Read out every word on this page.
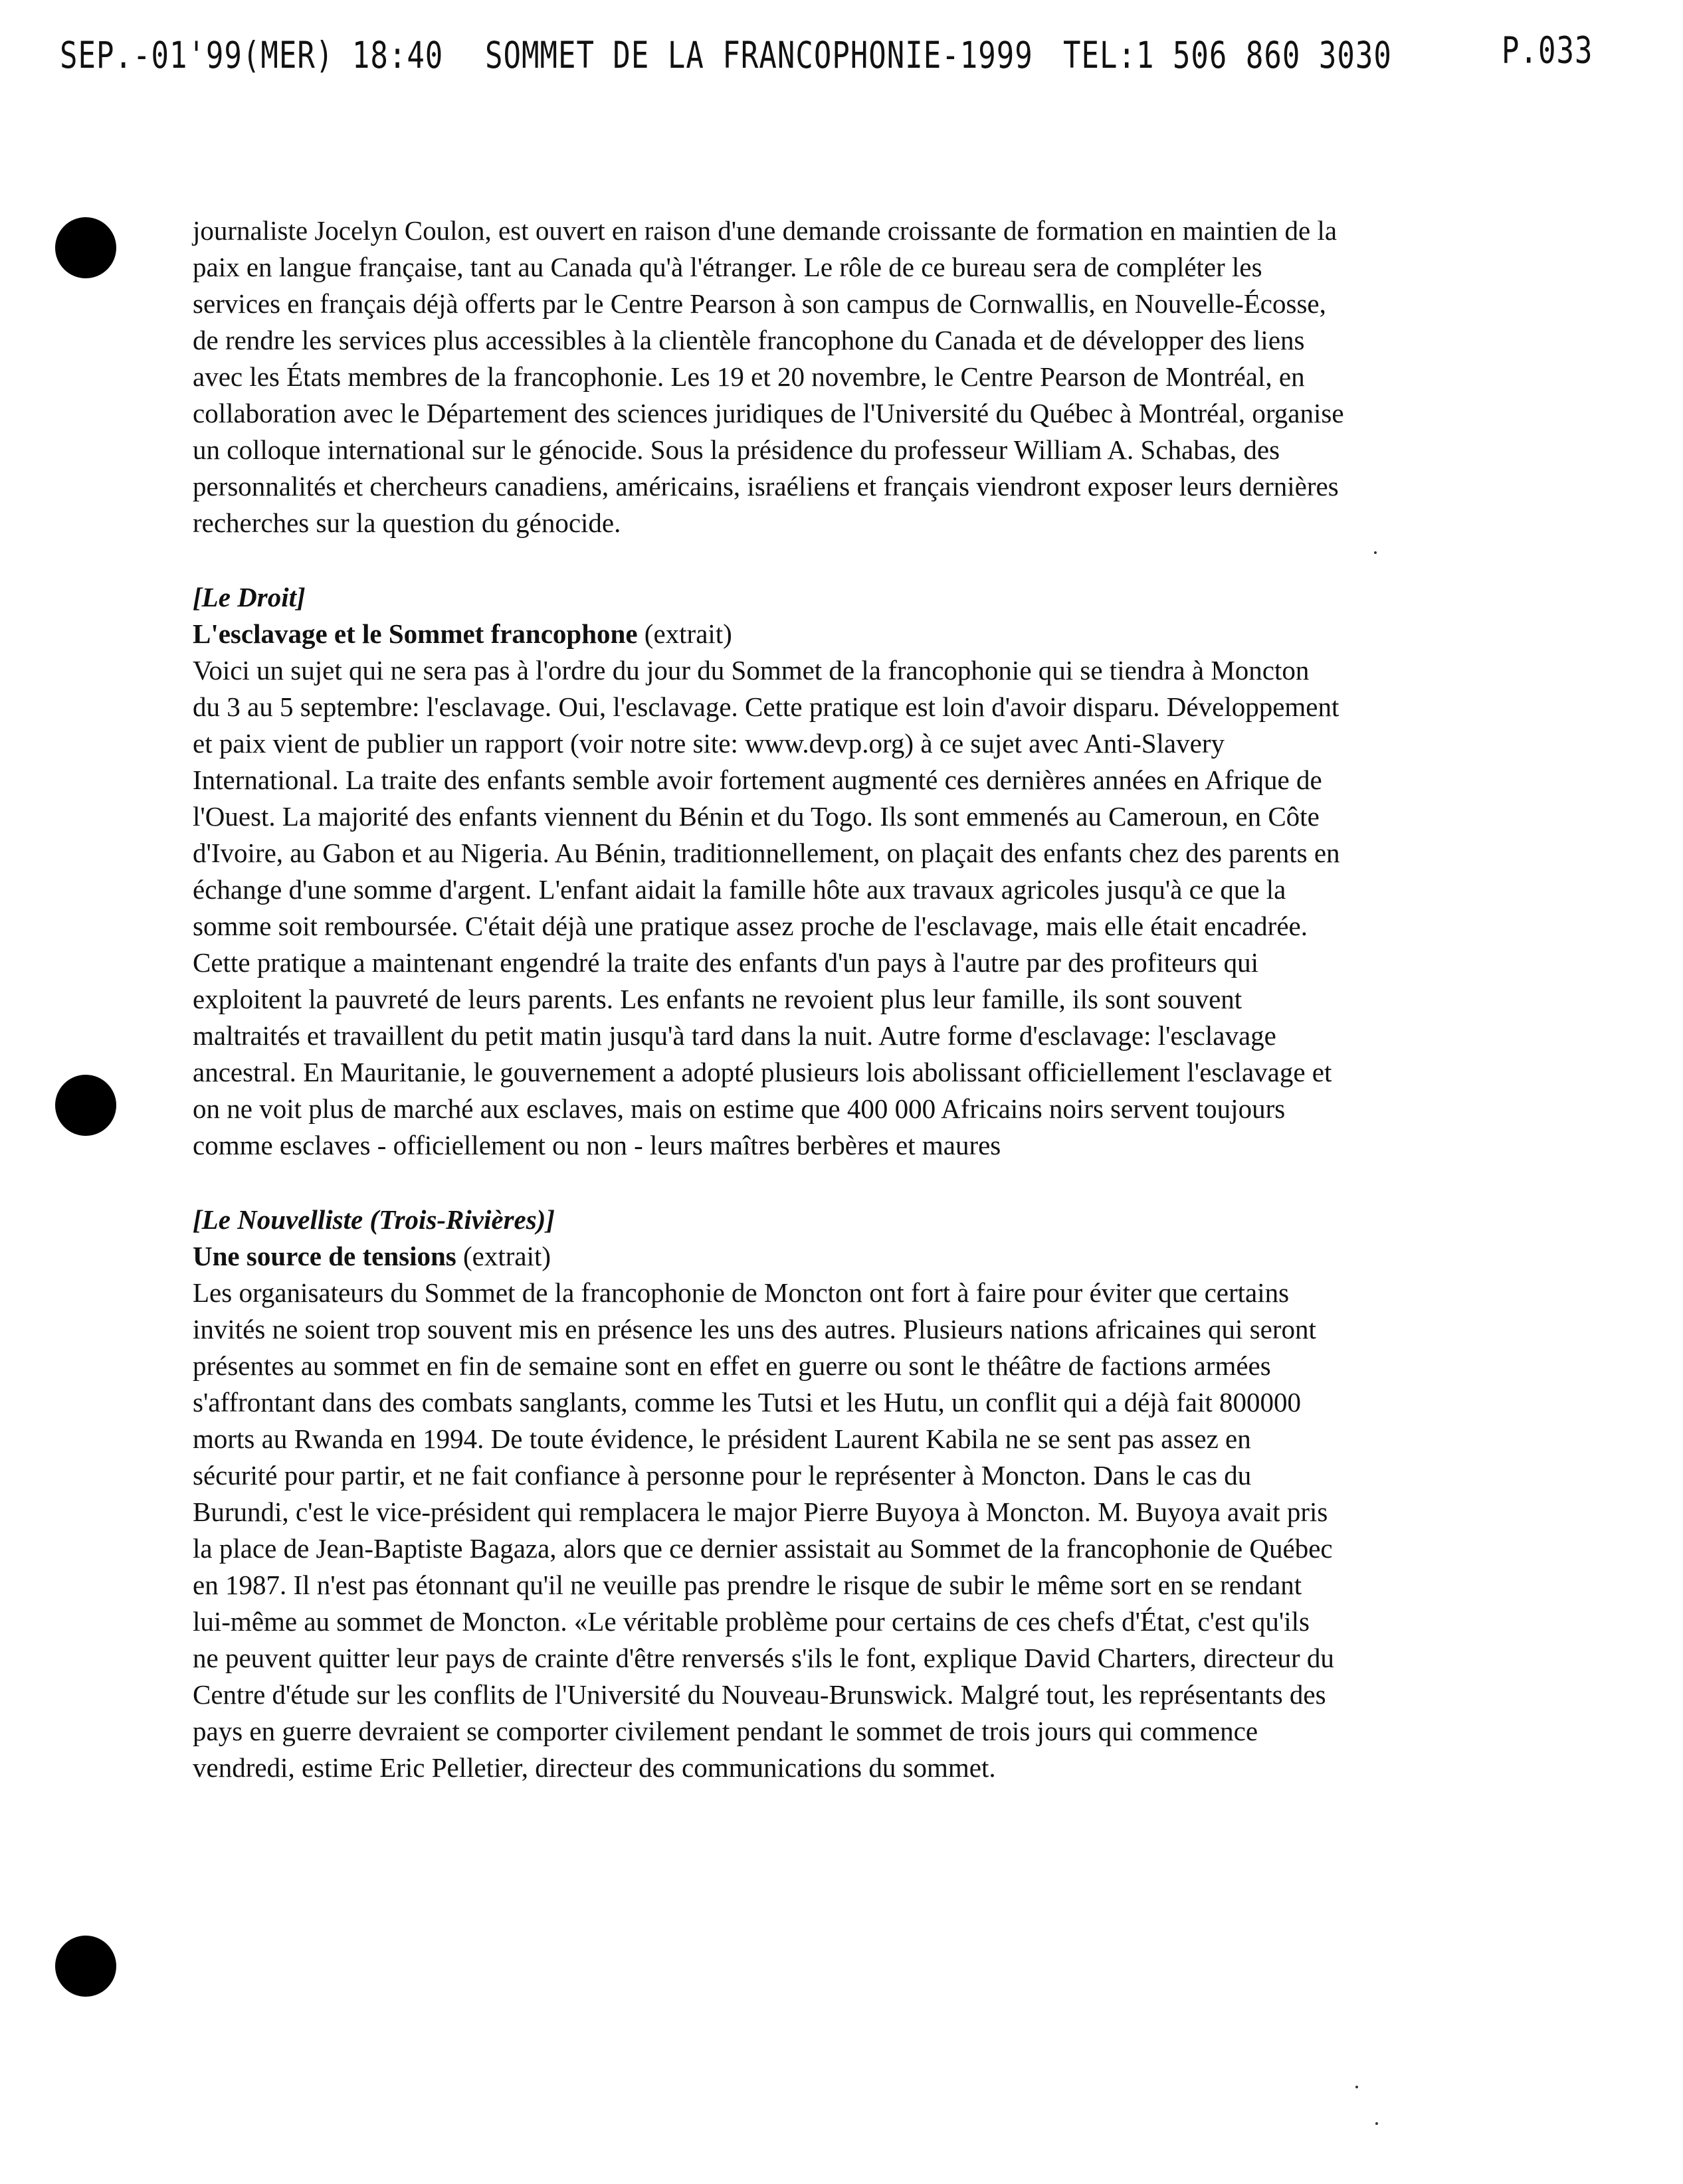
SEP.-01'99(MER) 18:40 SOMMET DE LA FRANCOPHONIE-1999 TEL:1 506 860 3030	P.033
journaliste Jocelyn Coulon, est ouvert en raison d'une demande croissante de formation en maintien de la
paix en langue française, tant au Canada qu'à l'étranger. Le rôle de ce bureau sera de compléter les
services en français déjà offerts par le Centre Pearson à son campus de Cornwallis, en Nouvelle-Écosse,
de rendre les services plus accessibles à la clientèle francophone du Canada et de développer des liens
avec les États membres de la francophonie. Les 19 et 20 novembre, le Centre Pearson de Montréal, en
collaboration avec le Département des sciences juridiques de l'Université du Québec à Montréal, organise
un colloque international sur le génocide. Sous la présidence du professeur William A. Schabas, des
personnalités et chercheurs canadiens, américains, israéliens et français viendront exposer leurs dernières
recherches sur la question du génocide.

[Le Droit]

L'esclavage et le Sommet francophone (extrait)

Voici un sujet qui ne sera pas à l'ordre du jour du Sommet de la francophonie qui se tiendra à Moncton
du 3 au 5 septembre: l'esclavage. Oui, l'esclavage. Cette pratique est loin d'avoir disparu. Développement
et paix vient de publier un rapport (voir notre site: www.devp.org) à ce sujet avec Anti-Slavery
International. La traite des enfants semble avoir fortement augmenté ces dernières années en Afrique de
l'Ouest. La majorité des enfants viennent du Bénin et du Togo. Ils sont emmenés au Cameroun, en Côte
d'Ivoire, au Gabon et au Nigeria. Au Bénin, traditionnellement, on plaçait des enfants chez des parents en
échange d'une somme d'argent. L'enfant aidait la famille hôte aux travaux agricoles jusqu'à ce que la
somme soit remboursée. C'était déjà une pratique assez proche de l'esclavage, mais elle était encadrée.
Cette pratique a maintenant engendré la traite des enfants d'un pays à l'autre par des profiteurs qui
exploitent la pauvreté de leurs parents. Les enfants ne revoient plus leur famille, ils sont souvent
maltraités et travaillent du petit matin jusqu'à tard dans la nuit. Autre forme d'esclavage: l'esclavage
ancestral. En Mauritanie, le gouvernement a adopté plusieurs lois abolissant officiellement l'esclavage et
on ne voit plus de marché aux esclaves, mais on estime que 400 000 Africains noirs servent toujours
comme esclaves - officiellement ou non - leurs maîtres berbères et maures

[Le Nouvelliste (Trois-Rivières)]

Une source de tensions (extrait)

Les organisateurs du Sommet de la francophonie de Moncton ont fort à faire pour éviter que certains
invités ne soient trop souvent mis en présence les uns des autres. Plusieurs nations africaines qui seront
présentes au sommet en fin de semaine sont en effet en guerre ou sont le théâtre de factions armées
s'affrontant dans des combats sanglants, comme les Tutsi et les Hutu, un conflit qui a déjà fait 800000
morts au Rwanda en 1994. De toute évidence, le président Laurent Kabila ne se sent pas assez en
sécurité pour partir, et ne fait confiance à personne pour le représenter à Moncton. Dans le cas du
Burundi, c'est le vice-président qui remplacera le major Pierre Buyoya à Moncton. M. Buyoya avait pris
la place de Jean-Baptiste Bagaza, alors que ce dernier assistait au Sommet de la francophonie de Québec
en 1987. Il n'est pas étonnant qu'il ne veuille pas prendre le risque de subir le même sort en se rendant
lui-même au sommet de Moncton. «Le véritable problème pour certains de ces chefs d'État, c'est qu'ils
ne peuvent quitter leur pays de crainte d'être renversés s'ils le font, explique David Charters, directeur du
Centre d'étude sur les conflits de l'Université du Nouveau-Brunswick. Malgré tout, les représentants des
pays en guerre devraient se comporter civilement pendant le sommet de trois jours qui commence
vendredi, estime Eric Pelletier, directeur des communications du sommet.
